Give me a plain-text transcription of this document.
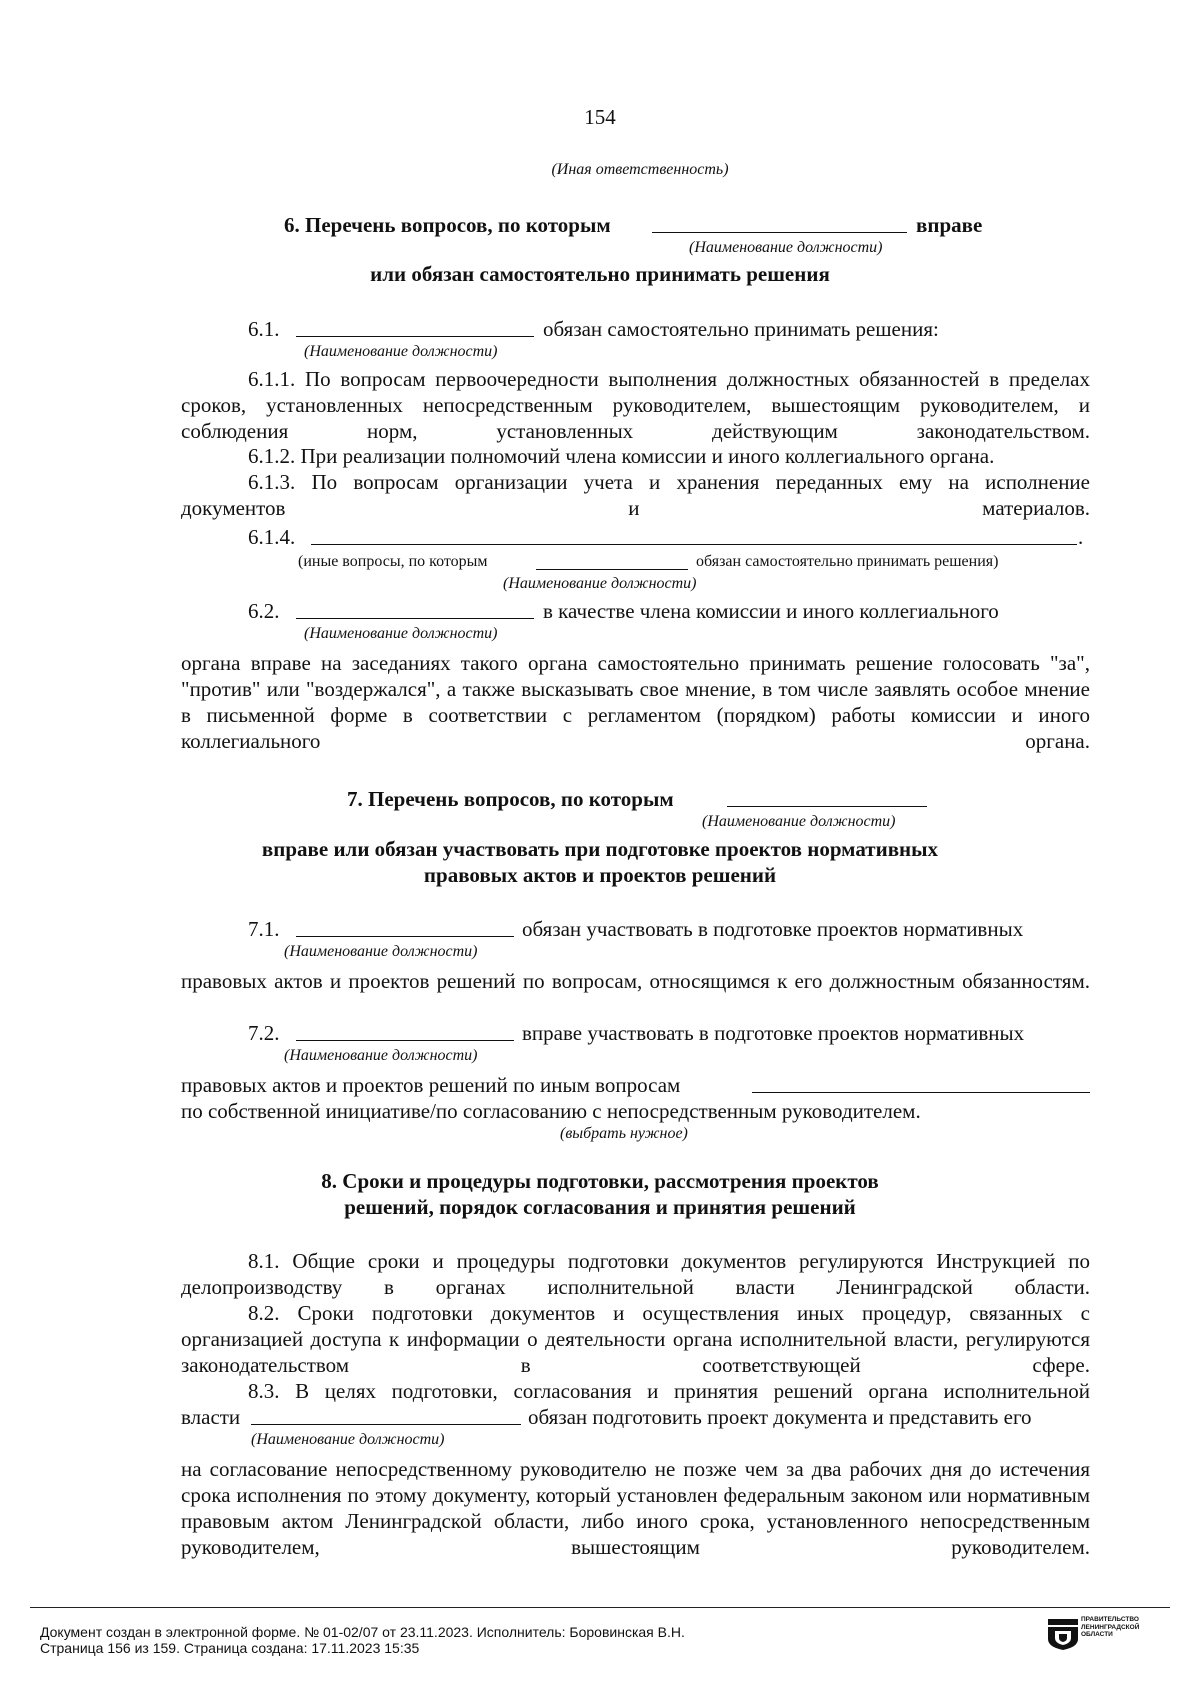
154
(Иная ответственность)
6. Перечень вопросов, по которым	вправе
(Наименование должности)
или обязан самостоятельно принимать решения
6.1.	обязан самостоятельно принимать решения:
(Наименование должности)
6.1.1. По вопросам первоочередности выполнения должностных обязанностей в пределах сроков, установленных непосредственным руководителем, вышестоящим руководителем, и соблюдения норм, установленных действующим законодательством.
6.1.2. При реализации полномочий члена комиссии и иного коллегиального органа.
6.1.3. По вопросам организации учета и хранения переданных ему на исполнение документов и материалов.
6.1.4.	.
(иные вопросы, по которым	обязан самостоятельно принимать решения)
(Наименование должности)
6.2.	в качестве члена комиссии и иного коллегиального
(Наименование должности)
органа вправе на заседаниях такого органа самостоятельно принимать решение голосовать "за", "против" или "воздержался", а также высказывать свое мнение, в том числе заявлять особое мнение в письменной форме в соответствии с регламентом (порядком) работы комиссии и иного коллегиального органа.
7. Перечень вопросов, по которым
(Наименование должности)
вправе или обязан участвовать при подготовке проектов нормативных
правовых актов и проектов решений
7.1.	обязан участвовать в подготовке проектов нормативных
(Наименование должности)
правовых актов и проектов решений по вопросам, относящимся к его должностным обязанностям.
7.2.	вправе участвовать в подготовке проектов нормативных
(Наименование должности)
правовых актов и проектов решений по иным вопросам
по собственной инициативе/по согласованию с непосредственным руководителем.
(выбрать нужное)
8. Сроки и процедуры подготовки, рассмотрения проектов
решений, порядок согласования и принятия решений
8.1. Общие сроки и процедуры подготовки документов регулируются Инструкцией по делопроизводству в органах исполнительной власти Ленинградской области.
8.2. Сроки подготовки документов и осуществления иных процедур, связанных с организацией доступа к информации о деятельности органа исполнительной власти, регулируются законодательством в соответствующей сфере.
8.3. В целях подготовки, согласования и принятия решений органа исполнительной
власти	обязан подготовить проект документа и представить его
(Наименование должности)
на согласование непосредственному руководителю не позже чем за два рабочих дня до истечения срока исполнения по этому документу, который установлен федеральным законом или нормативным правовым актом Ленинградской области, либо иного срока, установленного непосредственным руководителем, вышестоящим руководителем.
Документ создан в электронной форме. № 01-02/07 от 23.11.2023. Исполнитель: Боровинская В.Н.
Страница 156 из 159. Страница создана: 17.11.2023 15:35
ПРАВИТЕЛЬСТВО ЛЕНИНГРАДСКОЙ ОБЛАСТИ
